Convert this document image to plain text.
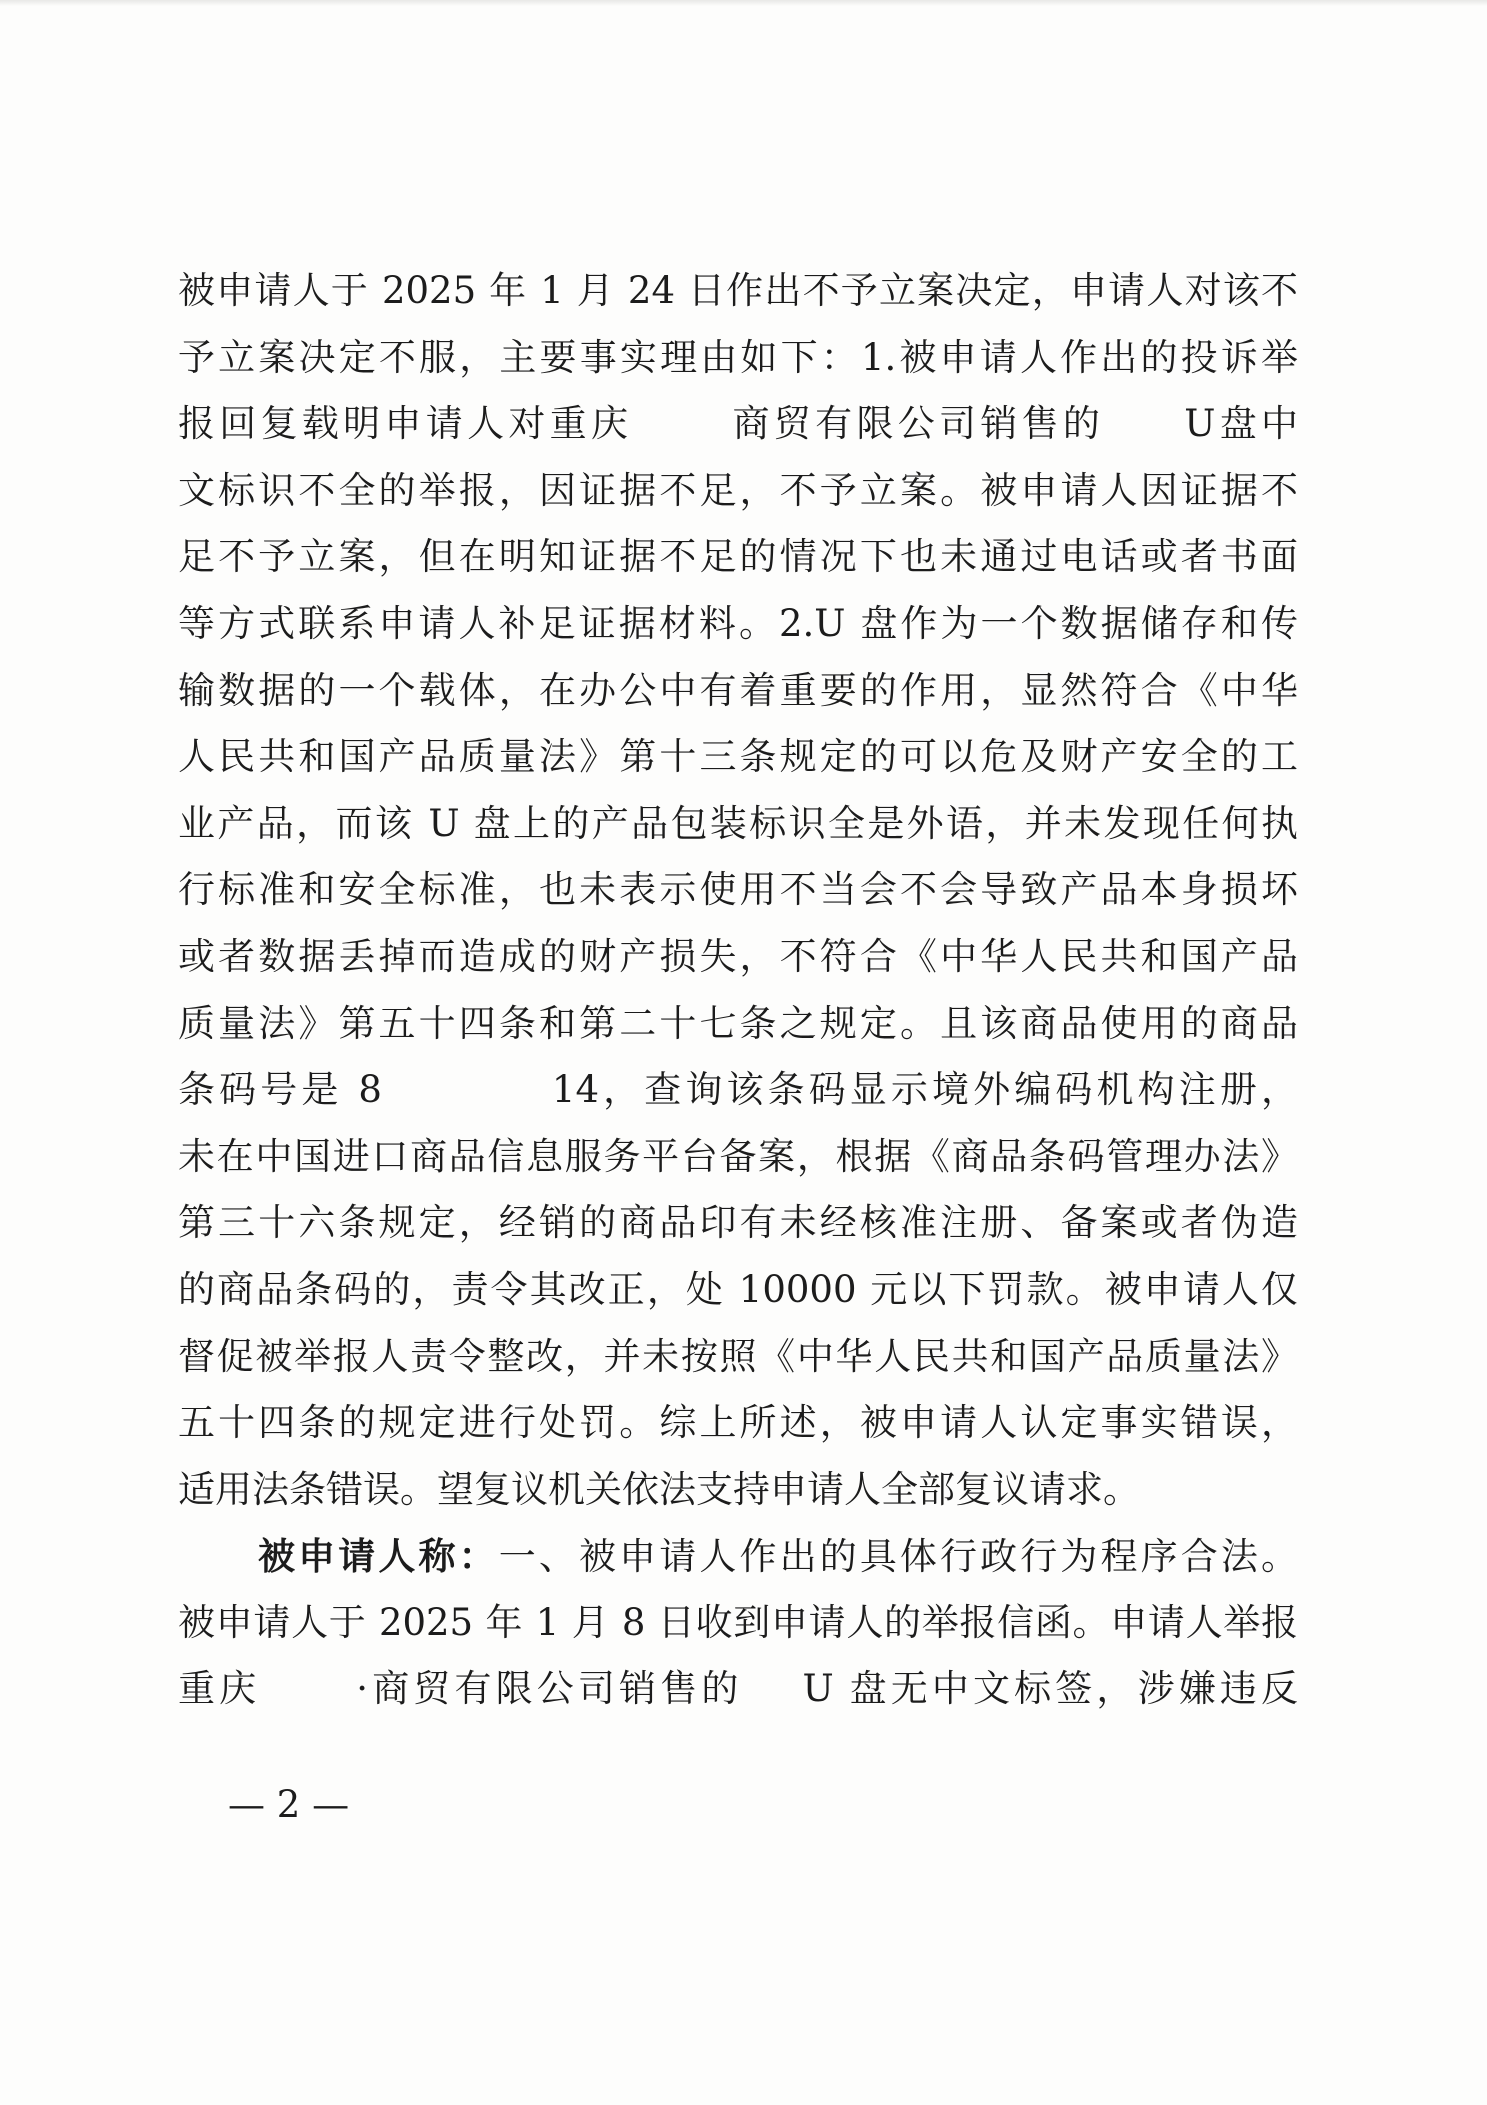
被申请人于 2025 年 1 月 24 日作出不予立案决定，申请人对该不
予立案决定不服，主要事实理由如下：1.被申请人作出的投诉举
报回复载明申请人对重庆	商贸有限公司销售的 U盘中
文标识不全的举报，因证据不足，不予立案。被申请人因证据不
足不予立案，但在明知证据不足的情况下也未通过电话或者书面
等方式联系申请人补足证据材料。2.U 盘作为一个数据储存和传
输数据的一个载体，在办公中有着重要的作用，显然符合《中华
人民共和国产品质量法》第十三条规定的可以危及财产安全的工
业产品，而该 U 盘上的产品包装标识全是外语，并未发现任何执
行标准和安全标准，也未表示使用不当会不会导致产品本身损坏
或者数据丢掉而造成的财产损失，不符合《中华人民共和国产品
质量法》第五十四条和第二十七条之规定。且该商品使用的商品
条码号是 8	14，查询该条码显示境外编码机构注册，
未在中国进口商品信息服务平台备案，根据《商品条码管理办法》
第三十六条规定，经销的商品印有未经核准注册、备案或者伪造
的商品条码的，责令其改正，处 10000 元以下罚款。被申请人仅
督促被举报人责令整改，并未按照《中华人民共和国产品质量法》
五十四条的规定进行处罚。综上所述，被申请人认定事实错误，
适用法条错误。望复议机关依法支持申请人全部复议请求。
被申请人称：一、被申请人作出的具体行政行为程序合法。
被申请人于 2025 年 1 月 8 日收到申请人的举报信函。申请人举报
重庆	·商贸有限公司销售的 U 盘无中文标签，涉嫌违反
— 2 —
